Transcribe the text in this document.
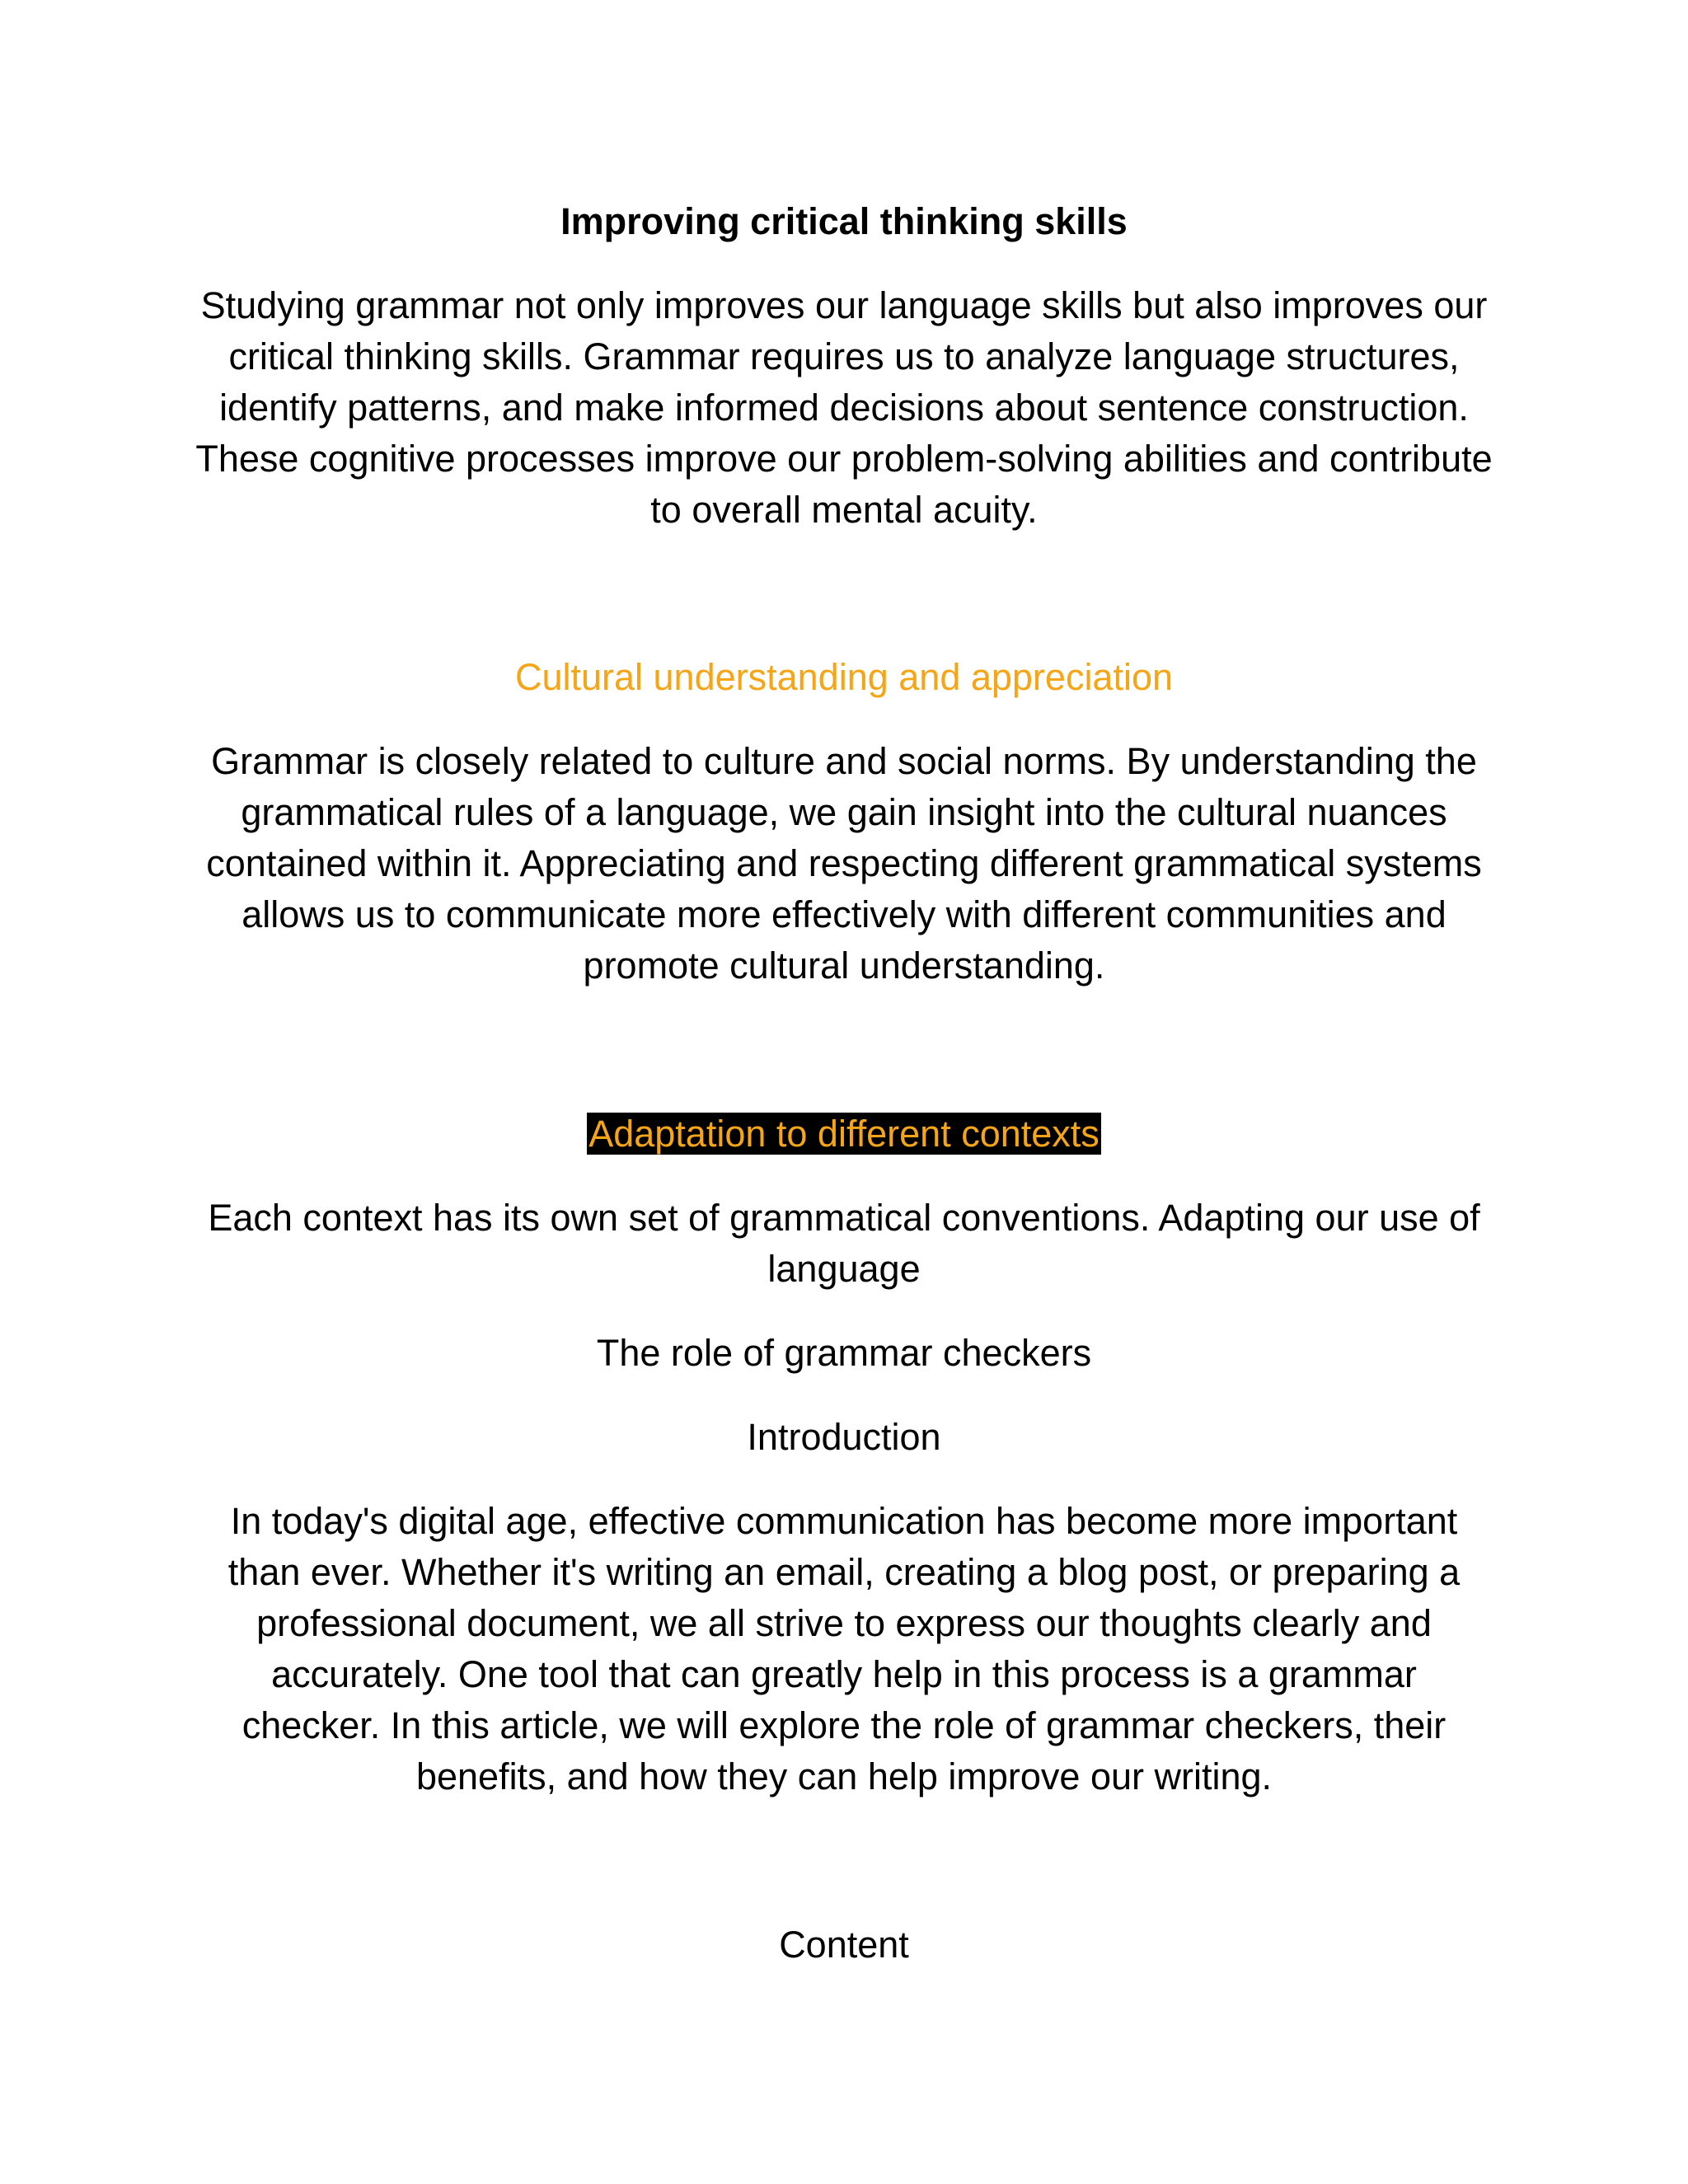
Improving critical thinking skills
Studying grammar not only improves our language skills but also improves our critical thinking skills. Grammar requires us to analyze language structures, identify patterns, and make informed decisions about sentence construction. These cognitive processes improve our problem-solving abilities and contribute to overall mental acuity.
Cultural understanding and appreciation
Grammar is closely related to culture and social norms. By understanding the grammatical rules of a language, we gain insight into the cultural nuances contained within it. Appreciating and respecting different grammatical systems allows us to communicate more effectively with different communities and promote cultural understanding.
Adaptation to different contexts
Each context has its own set of grammatical conventions. Adapting our use of language
The role of grammar checkers
Introduction
In today's digital age, effective communication has become more important than ever. Whether it's writing an email, creating a blog post, or preparing a professional document, we all strive to express our thoughts clearly and accurately. One tool that can greatly help in this process is a grammar checker. In this article, we will explore the role of grammar checkers, their benefits, and how they can help improve our writing.
Content
